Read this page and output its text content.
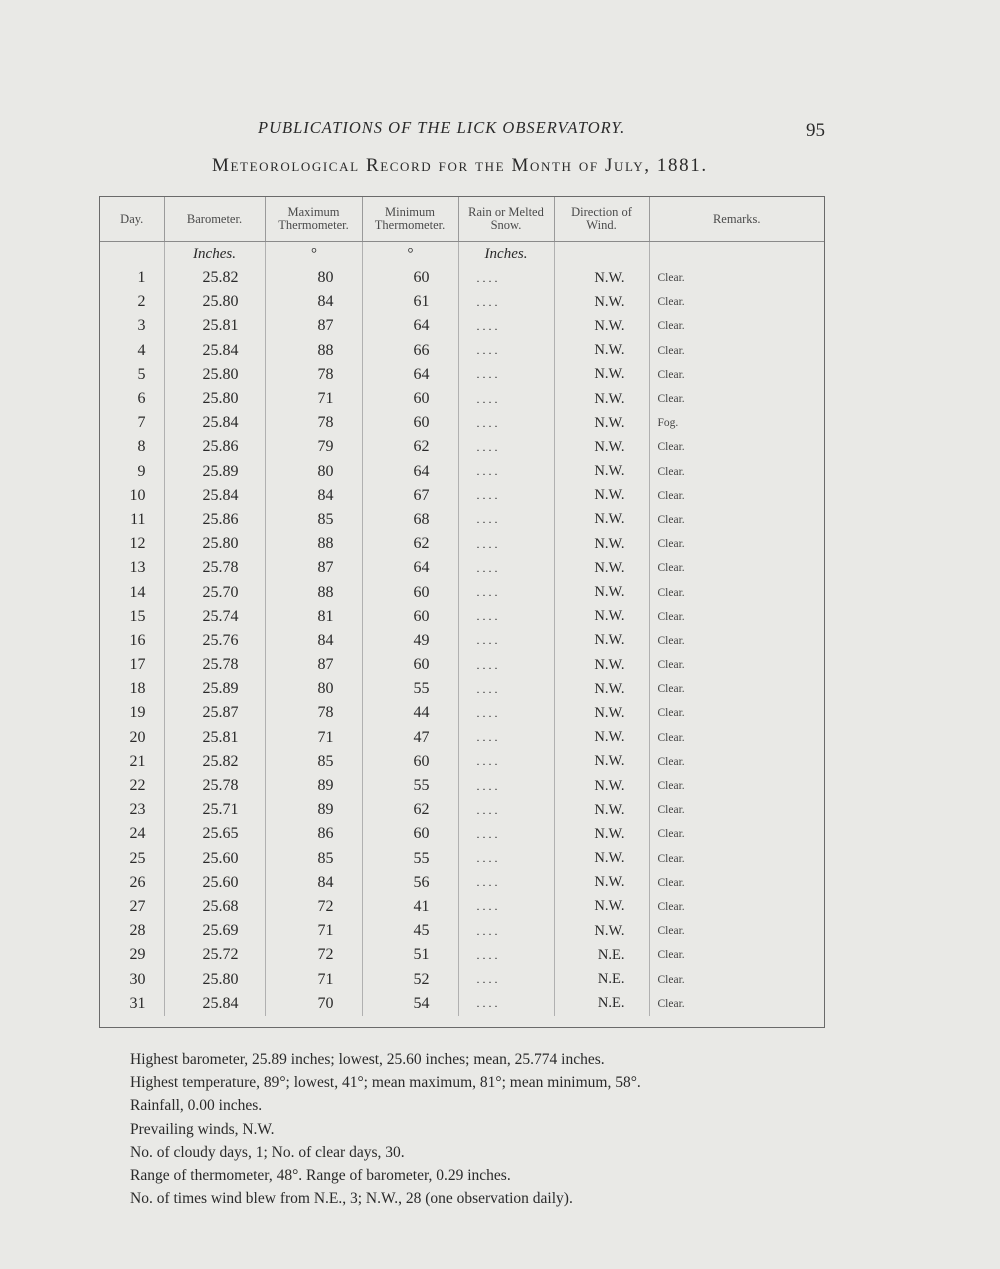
PUBLICATIONS OF THE LICK OBSERVATORY.	95
Meteorological Record for the Month of July, 1881.
Day.	Barometer.	Maximum Thermometer.	Minimum Thermometer.	Rain or Melted Snow.	Direction of Wind.	Remarks.
	Inches.	°	°	Inches.		
1	25.82	80	60	....	N.W.	Clear.
2	25.80	84	61	....	N.W.	Clear.
3	25.81	87	64	....	N.W.	Clear.
4	25.84	88	66	....	N.W.	Clear.
5	25.80	78	64	....	N.W.	Clear.
6	25.80	71	60	....	N.W.	Clear.
7	25.84	78	60	....	N.W.	Fog.
8	25.86	79	62	....	N.W.	Clear.
9	25.89	80	64	....	N.W.	Clear.
10	25.84	84	67	....	N.W.	Clear.
11	25.86	85	68	....	N.W.	Clear.
12	25.80	88	62	....	N.W.	Clear.
13	25.78	87	64	....	N.W.	Clear.
14	25.70	88	60	....	N.W.	Clear.
15	25.74	81	60	....	N.W.	Clear.
16	25.76	84	49	....	N.W.	Clear.
17	25.78	87	60	....	N.W.	Clear.
18	25.89	80	55	....	N.W.	Clear.
19	25.87	78	44	....	N.W.	Clear.
20	25.81	71	47	....	N.W.	Clear.
21	25.82	85	60	....	N.W.	Clear.
22	25.78	89	55	....	N.W.	Clear.
23	25.71	89	62	....	N.W.	Clear.
24	25.65	86	60	....	N.W.	Clear.
25	25.60	85	55	....	N.W.	Clear.
26	25.60	84	56	....	N.W.	Clear.
27	25.68	72	41	....	N.W.	Clear.
28	25.69	71	45	....	N.W.	Clear.
29	25.72	72	51	....	N.E.	Clear.
30	25.80	71	52	....	N.E.	Clear.
31	25.84	70	54	....	N.E.	Clear.
Highest barometer, 25.89 inches; lowest, 25.60 inches; mean, 25.774 inches.
Highest temperature, 89°; lowest, 41°; mean maximum, 81°; mean minimum, 58°.
Rainfall, 0.00 inches.
Prevailing winds, N.W.
No. of cloudy days, 1; No. of clear days, 30.
Range of thermometer, 48°. Range of barometer, 0.29 inches.
No. of times wind blew from N.E., 3; N.W., 28 (one observation daily).
